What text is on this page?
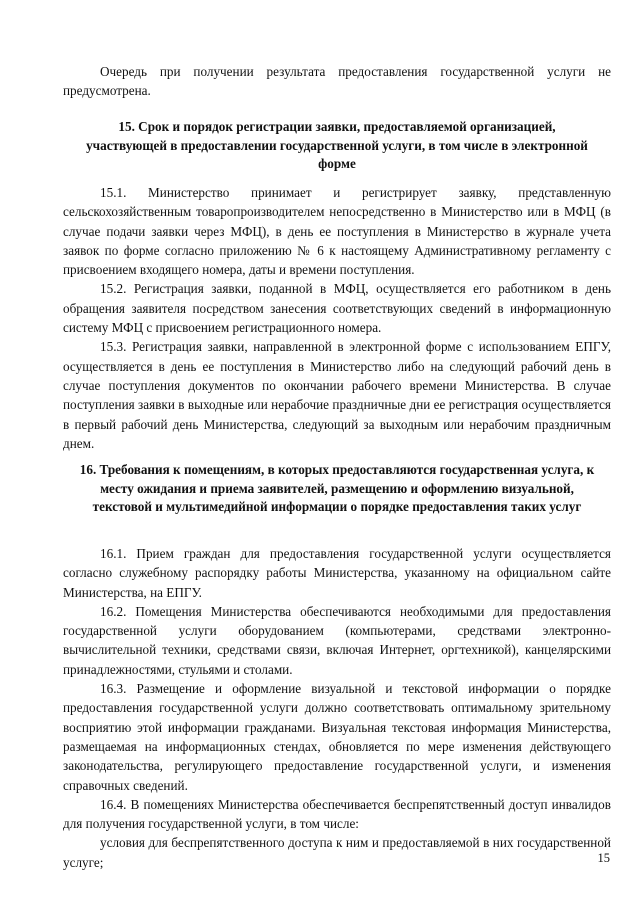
Очередь при получении результата предоставления государственной услуги не предусмотрена.

15. Срок и порядок регистрации заявки, предоставляемой организацией, участвующей в предоставлении государственной услуги, в том числе в электронной форме

15.1. Министерство принимает и регистрирует заявку, представленную сельскохозяйственным товаропроизводителем непосредственно в Министерство или в МФЦ (в случае подачи заявки через МФЦ), в день ее поступления в Министерство в журнале учета заявок по форме согласно приложению № 6 к настоящему Административному регламенту с присвоением входящего номера, даты и времени поступления.

15.2. Регистрация заявки, поданной в МФЦ, осуществляется его работником в день обращения заявителя посредством занесения соответствующих сведений в информационную систему МФЦ с присвоением регистрационного номера.

15.3. Регистрация заявки, направленной в электронной форме с использованием ЕПГУ, осуществляется в день ее поступления в Министерство либо на следующий рабочий день в случае поступления документов по окончании рабочего времени Министерства. В случае поступления заявки в выходные или нерабочие праздничные дни ее регистрация осуществляется в первый рабочий день Министерства, следующий за выходным или нерабочим праздничным днем.

16. Требования к помещениям, в которых предоставляются государственная услуга, к месту ожидания и приема заявителей, размещению и оформлению визуальной, текстовой и мультимедийной информации о порядке предоставления таких услуг

16.1. Прием граждан для предоставления государственной услуги осуществляется согласно служебному распорядку работы Министерства, указанному на официальном сайте Министерства, на ЕПГУ.

16.2. Помещения Министерства обеспечиваются необходимыми для предоставления государственной услуги оборудованием (компьютерами, средствами электронно-вычислительной техники, средствами связи, включая Интернет, оргтехникой), канцелярскими принадлежностями, стульями и столами.

16.3. Размещение и оформление визуальной и текстовой информации о порядке предоставления государственной услуги должно соответствовать оптимальному зрительному восприятию этой информации гражданами. Визуальная текстовая информация Министерства, размещаемая на информационных стендах, обновляется по мере изменения действующего законодательства, регулирующего предоставление государственной услуги, и изменения справочных сведений.

16.4. В помещениях Министерства обеспечивается беспрепятственный доступ инвалидов для получения государственной услуги, в том числе:

условия для беспрепятственного доступа к ним и предоставляемой в них государственной услуге;	15
